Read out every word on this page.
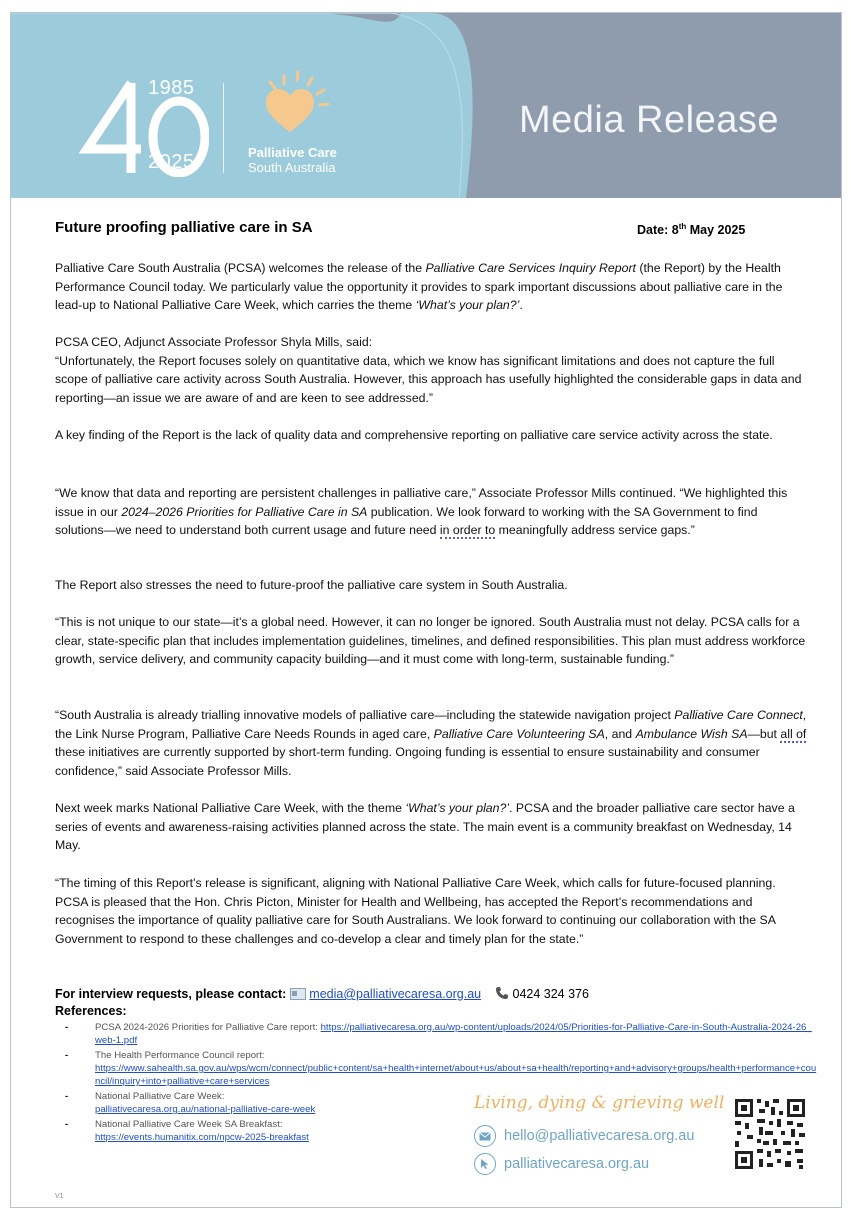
1985
2025	Palliative Care
South Australia
Media Release
Future proofing palliative care in SA	Date: 8th May 2025

Palliative Care South Australia (PCSA) welcomes the release of the Palliative Care Services Inquiry Report (the Report) by the Health Performance Council today. We particularly value the opportunity it provides to spark important discussions about palliative care in the lead-up to National Palliative Care Week, which carries the theme ‘What’s your plan?’.

PCSA CEO, Adjunct Associate Professor Shyla Mills, said:
“Unfortunately, the Report focuses solely on quantitative data, which we know has significant limitations and does not capture the full scope of palliative care activity across South Australia. However, this approach has usefully highlighted the considerable gaps in data and reporting—an issue we are aware of and are keen to see addressed.”

A key finding of the Report is the lack of quality data and comprehensive reporting on palliative care service activity across the state.

“We know that data and reporting are persistent challenges in palliative care,” Associate Professor Mills continued. “We highlighted this issue in our 2024–2026 Priorities for Palliative Care in SA publication. We look forward to working with the SA Government to find solutions—we need to understand both current usage and future need in order to meaningfully address service gaps.”

The Report also stresses the need to future-proof the palliative care system in South Australia.

“This is not unique to our state—it’s a global need. However, it can no longer be ignored. South Australia must not delay. PCSA calls for a clear, state-specific plan that includes implementation guidelines, timelines, and defined responsibilities. This plan must address workforce growth, service delivery, and community capacity building—and it must come with long-term, sustainable funding.”

“South Australia is already trialling innovative models of palliative care—including the statewide navigation project Palliative Care Connect, the Link Nurse Program, Palliative Care Needs Rounds in aged care, Palliative Care Volunteering SA, and Ambulance Wish SA—but all of these initiatives are currently supported by short-term funding. Ongoing funding is essential to ensure sustainability and consumer confidence,” said Associate Professor Mills.

Next week marks National Palliative Care Week, with the theme ‘What’s your plan?’. PCSA and the broader palliative care sector have a series of events and awareness-raising activities planned across the state. The main event is a community breakfast on Wednesday, 14 May.

“The timing of this Report’s release is significant, aligning with National Palliative Care Week, which calls for future-focused planning. PCSA is pleased that the Hon. Chris Picton, Minister for Health and Wellbeing, has accepted the Report’s recommendations and recognises the importance of quality palliative care for South Australians. We look forward to continuing our collaboration with the SA Government to respond to these challenges and co-develop a clear and timely plan for the state.”

For interview requests, please contact: media@palliativecaresa.org.au	0424 324 376
References:
-	PCSA 2024-2026 Priorities for Palliative Care report: https://palliativecaresa.org.au/wp-content/uploads/2024/05/Priorities-for-Palliative-Care-in-South-Australia-2024-26_web-1.pdf
-	The Health Performance Council report:
https://www.sahealth.sa.gov.au/wps/wcm/connect/public+content/sa+health+internet/about+us/about+sa+health/reporting+and+advisory+groups/health+performance+council/inquiry+into+palliative+care+services
-	National Palliative Care Week:
palliativecaresa.org.au/national-palliative-care-week
-	National Palliative Care Week SA Breakfast:
https://events.humanitix.com/npcw-2025-breakfast
Living, dying & grieving well
hello@palliativecaresa.org.au
palliativecaresa.org.au
V1
